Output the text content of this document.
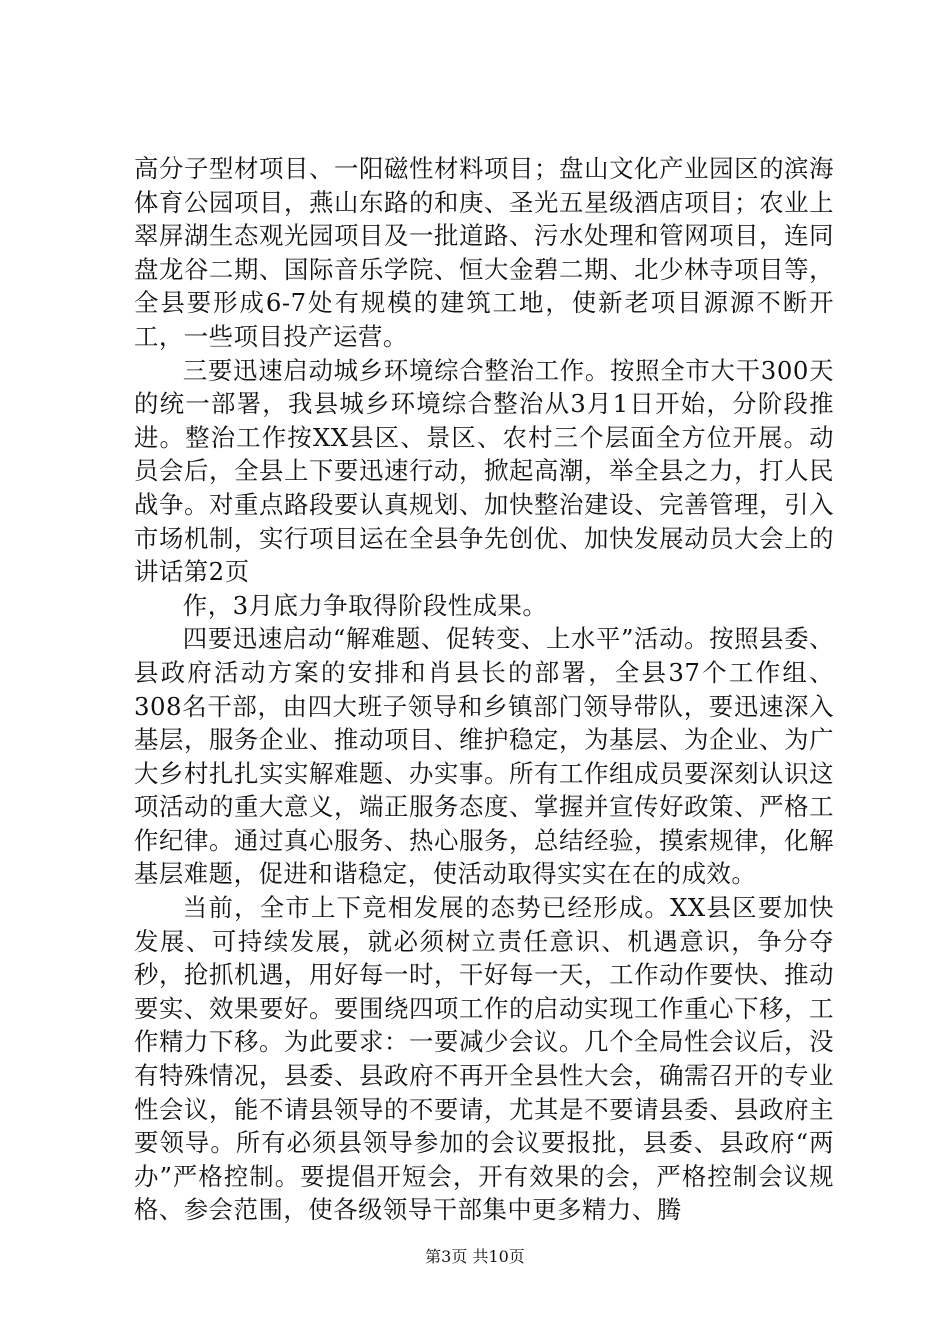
高分子型材项目、一阳磁性材料项目；盘山文化产业园区的滨海体育公园项目，燕山东路的和庚、圣光五星级酒店项目；农业上翠屏湖生态观光园项目及一批道路、污水处理和管网项目，连同盘龙谷二期、国际音乐学院、恒大金碧二期、北少林寺项目等，全县要形成6-7处有规模的建筑工地，使新老项目源源不断开工，一些项目投产运营。

三要迅速启动城乡环境综合整治工作。按照全市大干300天的统一部署，我县城乡环境综合整治从3月1日开始，分阶段推进。整治工作按XX县区、景区、农村三个层面全方位开展。动员会后，全县上下要迅速行动，掀起高潮，举全县之力，打人民战争。对重点路段要认真规划、加快整治建设、完善管理，引入市场机制，实行项目运在全县争先创优、加快发展动员大会上的讲话第2页

作，3月底力争取得阶段性成果。

四要迅速启动“解难题、促转变、上水平”活动。按照县委、县政府活动方案的安排和肖县长的部署，全县37个工作组、308名干部，由四大班子领导和乡镇部门领导带队，要迅速深入基层，服务企业、推动项目、维护稳定，为基层、为企业、为广大乡村扎扎实实解难题、办实事。所有工作组成员要深刻认识这项活动的重大意义，端正服务态度、掌握并宣传好政策、严格工作纪律。通过真心服务、热心服务，总结经验，摸索规律，化解基层难题，促进和谐稳定，使活动取得实实在在的成效。

当前，全市上下竞相发展的态势已经形成。XX县区要加快发展、可持续发展，就必须树立责任意识、机遇意识，争分夺秒，抢抓机遇，用好每一时，干好每一天，工作动作要快、推动要实、效果要好。要围绕四项工作的启动实现工作重心下移，工作精力下移。为此要求：一要减少会议。几个全局性会议后，没有特殊情况，县委、县政府不再开全县性大会，确需召开的专业性会议，能不请县领导的不要请，尤其是不要请县委、县政府主要领导。所有必须县领导参加的会议要报批，县委、县政府“两办”严格控制。要提倡开短会，开有效果的会，严格控制会议规格、参会范围，使各级领导干部集中更多精力、腾

第3页 共10页
